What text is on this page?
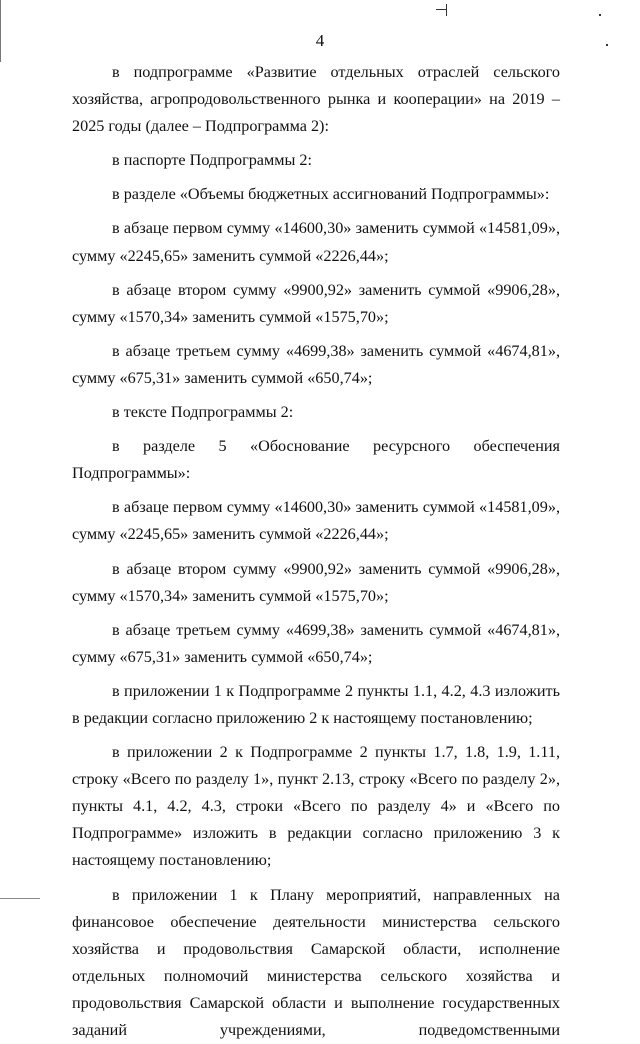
4

в подпрограмме «Развитие отдельных отраслей сельского хозяйства, агропродовольственного рынка и кооперации» на 2019 – 2025 годы (далее – Подпрограмма 2):

в паспорте Подпрограммы 2:

в разделе «Объемы бюджетных ассигнований Подпрограммы»:

в абзаце первом сумму «14600,30» заменить суммой «14581,09», сумму «2245,65» заменить суммой «2226,44»;

в абзаце втором сумму «9900,92» заменить суммой «9906,28», сумму «1570,34» заменить суммой «1575,70»;

в абзаце третьем сумму «4699,38» заменить суммой «4674,81», сумму «675,31» заменить суммой «650,74»;

в тексте Подпрограммы 2:

в разделе 5 «Обоснование ресурсного обеспечения Подпрограммы»:

в абзаце первом сумму «14600,30» заменить суммой «14581,09», сумму «2245,65» заменить суммой «2226,44»;

в абзаце втором сумму «9900,92» заменить суммой «9906,28», сумму «1570,34» заменить суммой «1575,70»;

в абзаце третьем сумму «4699,38» заменить суммой «4674,81», сумму «675,31» заменить суммой «650,74»;

в приложении 1 к Подпрограмме 2 пункты 1.1, 4.2, 4.3 изложить в редакции согласно приложению 2 к настоящему постановлению;

в приложении 2 к Подпрограмме 2 пункты 1.7, 1.8, 1.9, 1.11, строку «Всего по разделу 1», пункт 2.13, строку «Всего по разделу 2», пункты 4.1, 4.2, 4.3, строки «Всего по разделу 4» и «Всего по Подпрограмме» изложить в редакции согласно приложению 3 к настоящему постановлению;

в приложении 1 к Плану мероприятий, направленных на финансовое обеспечение деятельности министерства сельского хозяйства и продовольствия Самарской области, исполнение отдельных полномочий министерства сельского хозяйства и продовольствия Самарской области и выполнение государственных заданий учреждениями, подведомственными
